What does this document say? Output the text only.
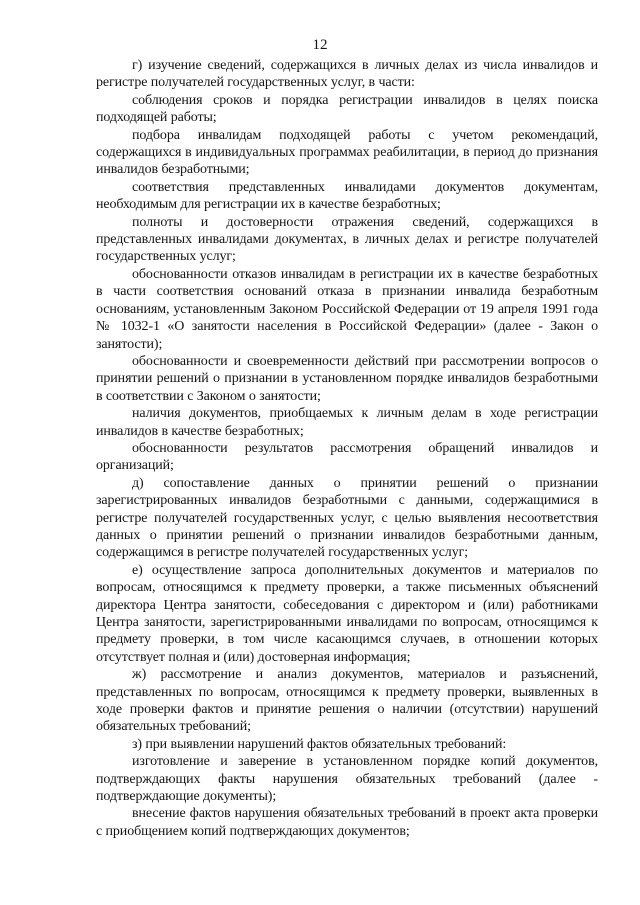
12

г) изучение сведений, содержащихся в личных делах из числа инвалидов и регистре получателей государственных услуг, в части:

соблюдения сроков и порядка регистрации инвалидов в целях поиска подходящей работы;

подбора инвалидам подходящей работы с учетом рекомендаций, содержащихся в индивидуальных программах реабилитации, в период до признания инвалидов безработными;

соответствия представленных инвалидами документов документам, необходимым для регистрации их в качестве безработных;

полноты и достоверности отражения сведений, содержащихся в представленных инвалидами документах, в личных делах и регистре получателей государственных услуг;

обоснованности отказов инвалидам в регистрации их в качестве безработных в части соответствия оснований отказа в признании инвалида безработным основаниям, установленным Законом Российской Федерации от 19 апреля 1991 года № 1032-1 «О занятости населения в Российской Федерации» (далее - Закон о занятости);

обоснованности и своевременности действий при рассмотрении вопросов о принятии решений о признании в установленном порядке инвалидов безработными в соответствии с Законом о занятости;

наличия документов, приобщаемых к личным делам в ходе регистрации инвалидов в качестве безработных;

обоснованности результатов рассмотрения обращений инвалидов и организаций;

д) сопоставление данных о принятии решений о признании зарегистрированных инвалидов безработными с данными, содержащимися в регистре получателей государственных услуг, с целью выявления несоответствия данных о принятии решений о признании инвалидов безработными данным, содержащимся в регистре получателей государственных услуг;

е) осуществление запроса дополнительных документов и материалов по вопросам, относящимся к предмету проверки, а также письменных объяснений директора Центра занятости, собеседования с директором и (или) работниками Центра занятости, зарегистрированными инвалидами по вопросам, относящимся к предмету проверки, в том числе касающимся случаев, в отношении которых отсутствует полная и (или) достоверная информация;

ж) рассмотрение и анализ документов, материалов и разъяснений, представленных по вопросам, относящимся к предмету проверки, выявленных в ходе проверки фактов и принятие решения о наличии (отсутствии) нарушений обязательных требований;

з) при выявлении нарушений фактов обязательных требований:

изготовление и заверение в установленном порядке копий документов, подтверждающих факты нарушения обязательных требований (далее - подтверждающие документы);

внесение фактов нарушения обязательных требований в проект акта проверки с приобщением копий подтверждающих документов;
